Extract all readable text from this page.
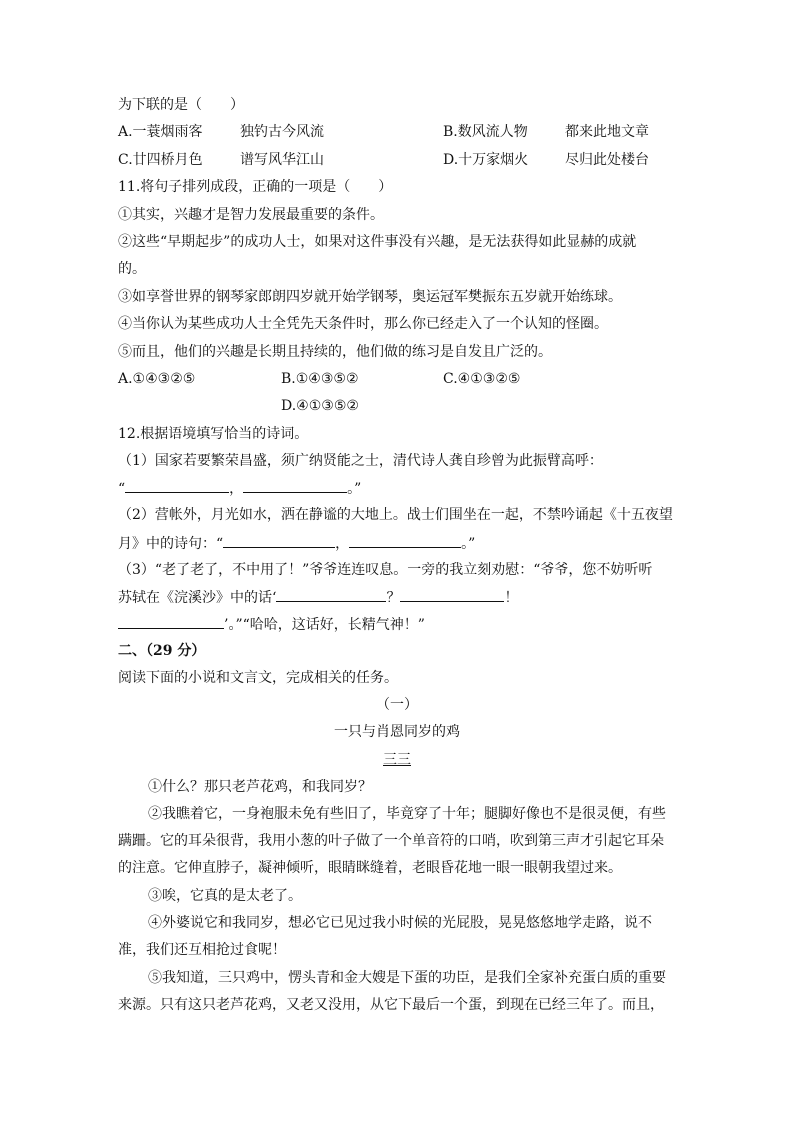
为下联的是（　　）
A.一蓑烟雨客	独钓古今风流	B.数风流人物	都来此地文章
C.廿四桥月色	谱写风华江山	D.十万家烟火	尽归此处楼台
11.将句子排列成段，正确的一项是（　　）
①其实，兴趣才是智力发展最重要的条件。
②这些“早期起步”的成功人士，如果对这件事没有兴趣，是无法获得如此显赫的成就
的。
③如享誉世界的钢琴家郎朗四岁就开始学钢琴，奥运冠军樊振东五岁就开始练球。
④当你认为某些成功人士全凭先天条件时，那么你已经走入了一个认知的怪圈。
⑤而且，他们的兴趣是长期且持续的，他们做的练习是自发且广泛的。
A.①④③②⑤	B.①④③⑤②	C.④①③②⑤
D.④①③⑤②
12.根据语境填写恰当的诗词。
（1）国家若要繁荣昌盛，须广纳贤能之士，清代诗人龚自珍曾为此振臂高呼：
“	，	。”
（2）营帐外，月光如水，洒在静谧的大地上。战士们围坐在一起，不禁吟诵起《十五夜望
月》中的诗句：“	，	。”
（3）“老了老了，不中用了！”爷爷连连叹息。一旁的我立刻劝慰：“爷爷，您不妨听听
苏轼在《浣溪沙》中的话‘	？	！
’。”“哈哈，这话好，长精气神！”
二、（29 分）
阅读下面的小说和文言文，完成相关的任务。
（一）
一只与肖恩同岁的鸡
三三
①什么？那只老芦花鸡，和我同岁？
②我瞧着它，一身袍服未免有些旧了，毕竟穿了十年；腿脚好像也不是很灵便，有些
蹒跚。它的耳朵很背，我用小葱的叶子做了一个单音符的口哨，吹到第三声才引起它耳朵
的注意。它伸直脖子，凝神倾听，眼睛眯缝着，老眼昏花地一眼一眼朝我望过来。
③唉，它真的是太老了。
④外婆说它和我同岁，想必它已见过我小时候的光屁股，晃晃悠悠地学走路，说不
准，我们还互相抢过食呢！
⑤我知道，三只鸡中，愣头青和金大嫂是下蛋的功臣，是我们全家补充蛋白质的重要
来源。只有这只老芦花鸡，又老又没用，从它下最后一个蛋，到现在已经三年了。而且，
